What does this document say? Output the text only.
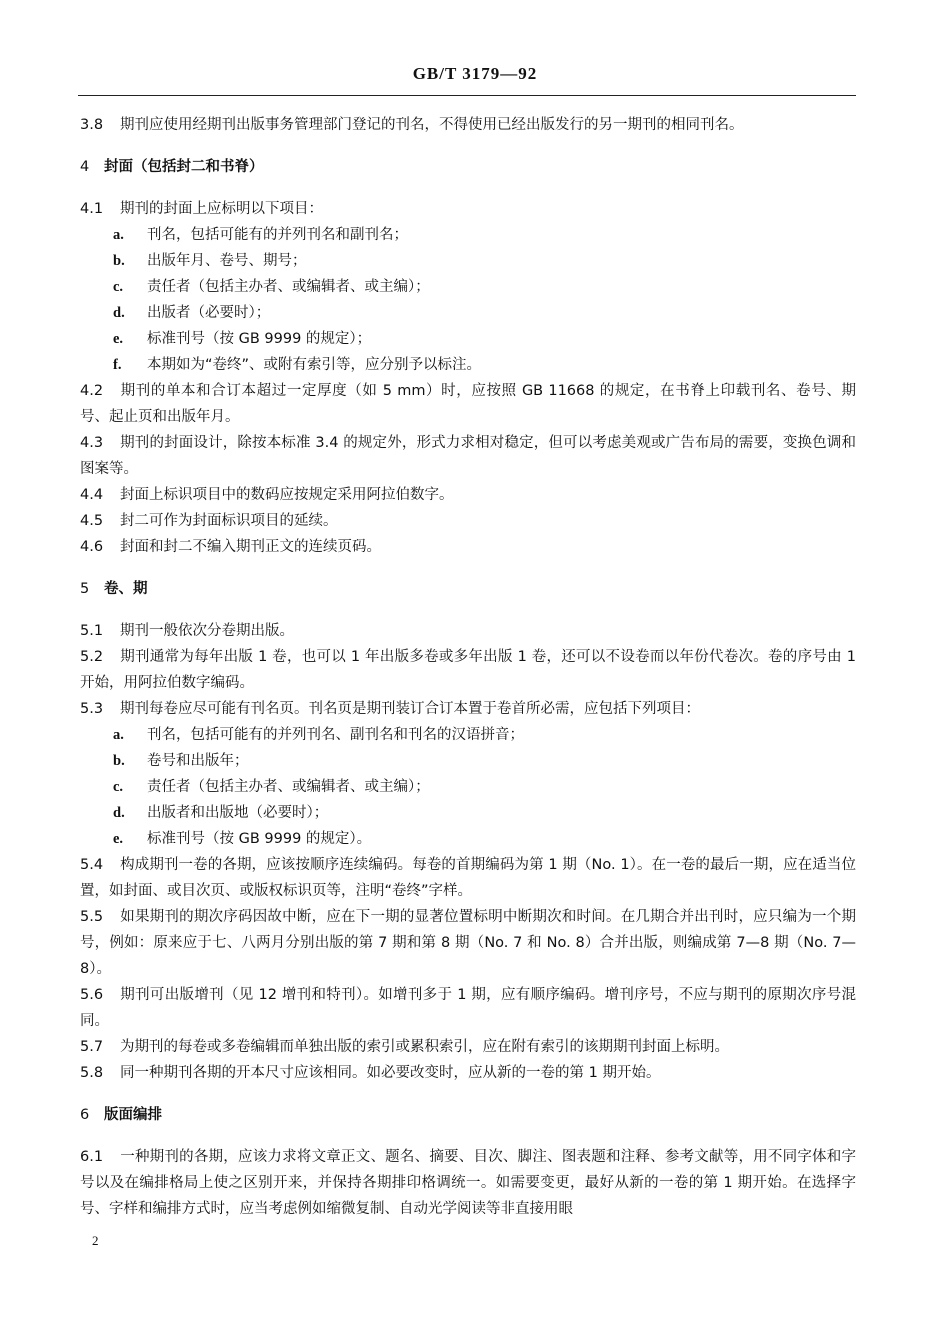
GB/T 3179—92
3.8 期刊应使用经期刊出版事务管理部门登记的刊名，不得使用已经出版发行的另一期刊的相同刊名。
4 封面（包括封二和书脊）
4.1 期刊的封面上应标明以下项目：
a.	刊名，包括可能有的并列刊名和副刊名；
b.	出版年月、卷号、期号；
c.	责任者（包括主办者、或编辑者、或主编）；
d.	出版者（必要时）；
e.	标准刊号（按 GB 9999 的规定）；
f.	本期如为“卷终”、或附有索引等，应分别予以标注。
4.2 期刊的单本和合订本超过一定厚度（如 5 mm）时，应按照 GB 11668 的规定，在书脊上印载刊名、卷号、期号、起止页和出版年月。
4.3 期刊的封面设计，除按本标准 3.4 的规定外，形式力求相对稳定，但可以考虑美观或广告布局的需要，变换色调和图案等。
4.4 封面上标识项目中的数码应按规定采用阿拉伯数字。
4.5 封二可作为封面标识项目的延续。
4.6 封面和封二不编入期刊正文的连续页码。
5 卷、期
5.1 期刊一般依次分卷期出版。
5.2 期刊通常为每年出版 1 卷，也可以 1 年出版多卷或多年出版 1 卷，还可以不设卷而以年份代卷次。卷的序号由 1 开始，用阿拉伯数字编码。
5.3 期刊每卷应尽可能有刊名页。刊名页是期刊装订合订本置于卷首所必需，应包括下列项目：
a.	刊名，包括可能有的并列刊名、副刊名和刊名的汉语拼音；
b.	卷号和出版年；
c.	责任者（包括主办者、或编辑者、或主编）；
d.	出版者和出版地（必要时）；
e.	标准刊号（按 GB 9999 的规定）。
5.4 构成期刊一卷的各期，应该按顺序连续编码。每卷的首期编码为第 1 期（No. 1）。在一卷的最后一期，应在适当位置，如封面、或目次页、或版权标识页等，注明“卷终”字样。
5.5 如果期刊的期次序码因故中断，应在下一期的显著位置标明中断期次和时间。在几期合并出刊时，应只编为一个期号，例如：原来应于七、八两月分别出版的第 7 期和第 8 期（No. 7 和 No. 8）合并出版，则编成第 7—8 期（No. 7—8）。
5.6 期刊可出版增刊（见 12 增刊和特刊）。如增刊多于 1 期，应有顺序编码。增刊序号，不应与期刊的原期次序号混同。
5.7 为期刊的每卷或多卷编辑而单独出版的索引或累积索引，应在附有索引的该期期刊封面上标明。
5.8 同一种期刊各期的开本尺寸应该相同。如必要改变时，应从新的一卷的第 1 期开始。
6 版面编排
6.1 一种期刊的各期，应该力求将文章正文、题名、摘要、目次、脚注、图表题和注释、参考文献等，用不同字体和字号以及在编排格局上使之区别开来，并保持各期排印格调统一。如需要变更，最好从新的一卷的第 1 期开始。在选择字号、字样和编排方式时，应当考虑例如缩微复制、自动光学阅读等非直接用眼
2
